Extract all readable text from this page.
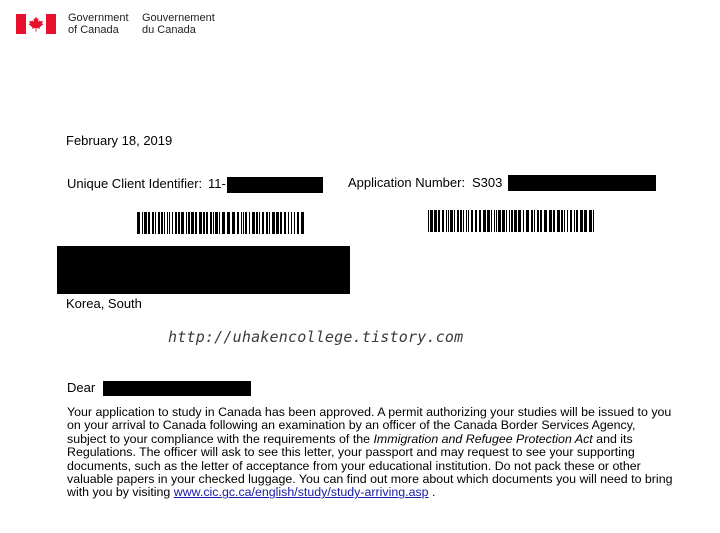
Government
of Canada
Gouvernement
du Canada
February 18, 2019
Unique Client Identifier: 11-	Application Number: S303
Korea, South
http://uhakencollege.tistory.com
Dear
Your application to study in Canada has been approved. A permit authorizing your studies will be issued to you on your arrival to Canada following an examination by an officer of the Canada Border Services Agency, subject to your compliance with the requirements of the Immigration and Refugee Protection Act and its Regulations. The officer will ask to see this letter, your passport and may request to see your supporting documents, such as the letter of acceptance from your educational institution. Do not pack these or other valuable papers in your checked luggage. You can find out more about which documents you will need to bring with you by visiting www.cic.gc.ca/english/study/study-arriving.asp .
